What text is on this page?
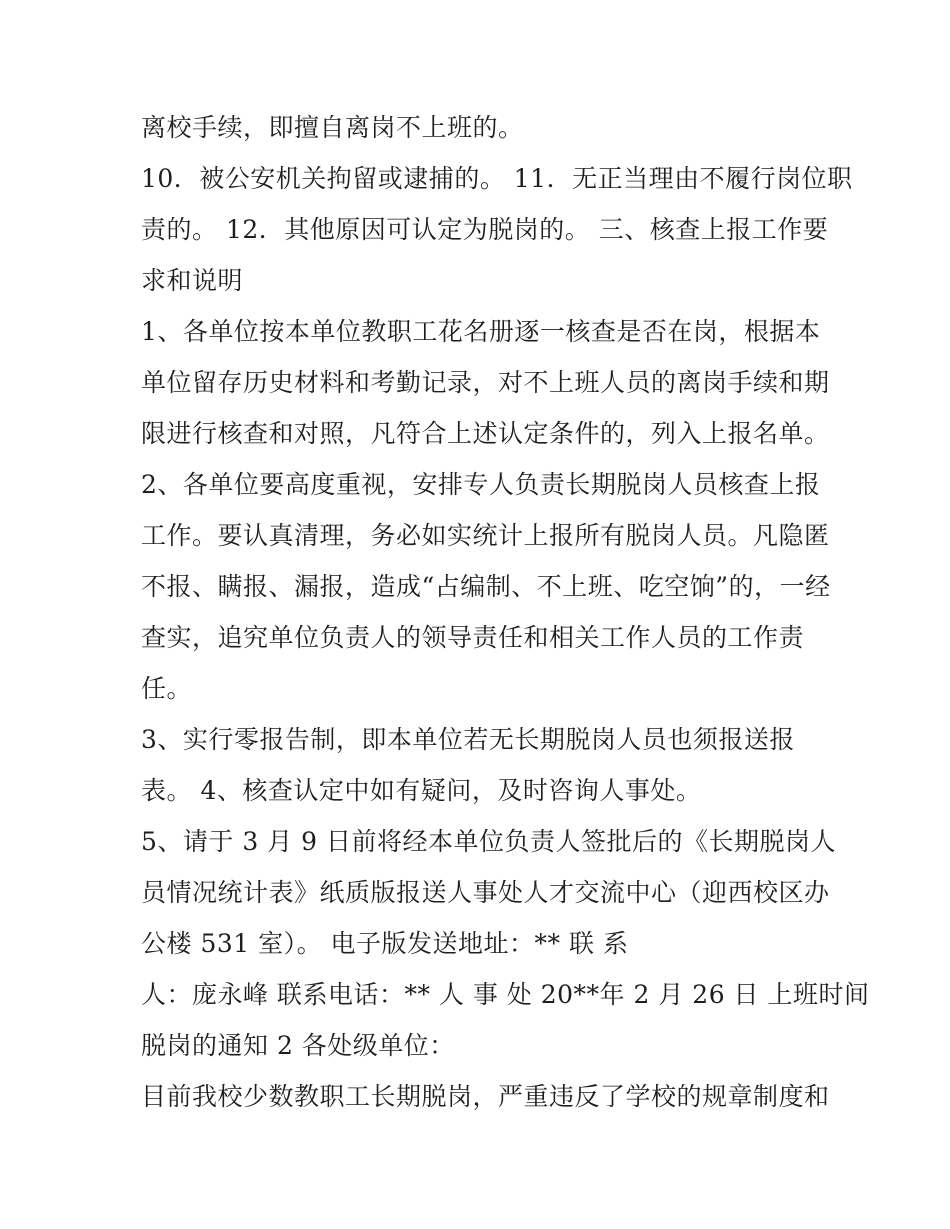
离校手续，即擅自离岗不上班的。
10．被公安机关拘留或逮捕的。 11．无正当理由不履行岗位职
责的。 12．其他原因可认定为脱岗的。 三、核查上报工作要
求和说明
1、各单位按本单位教职工花名册逐一核查是否在岗，根据本
单位留存历史材料和考勤记录，对不上班人员的离岗手续和期
限进行核查和对照，凡符合上述认定条件的，列入上报名单。
2、各单位要高度重视，安排专人负责长期脱岗人员核查上报
工作。要认真清理，务必如实统计上报所有脱岗人员。凡隐匿
不报、瞒报、漏报，造成“占编制、不上班、吃空饷”的，一经
查实，追究单位负责人的领导责任和相关工作人员的工作责
任。
3、实行零报告制，即本单位若无长期脱岗人员也须报送报
表。 4、核查认定中如有疑问，及时咨询人事处。
5、请于 3 月 9 日前将经本单位负责人签批后的《长期脱岗人
员情况统计表》纸质版报送人事处人才交流中心（迎西校区办
公楼 531 室）。 电子版发送地址：** 联 系
人：庞永峰 联系电话：** 人 事 处 20**年 2 月 26 日 上班时间
脱岗的通知 2 各处级单位：
目前我校少数教职工长期脱岗，严重违反了学校的规章制度和
